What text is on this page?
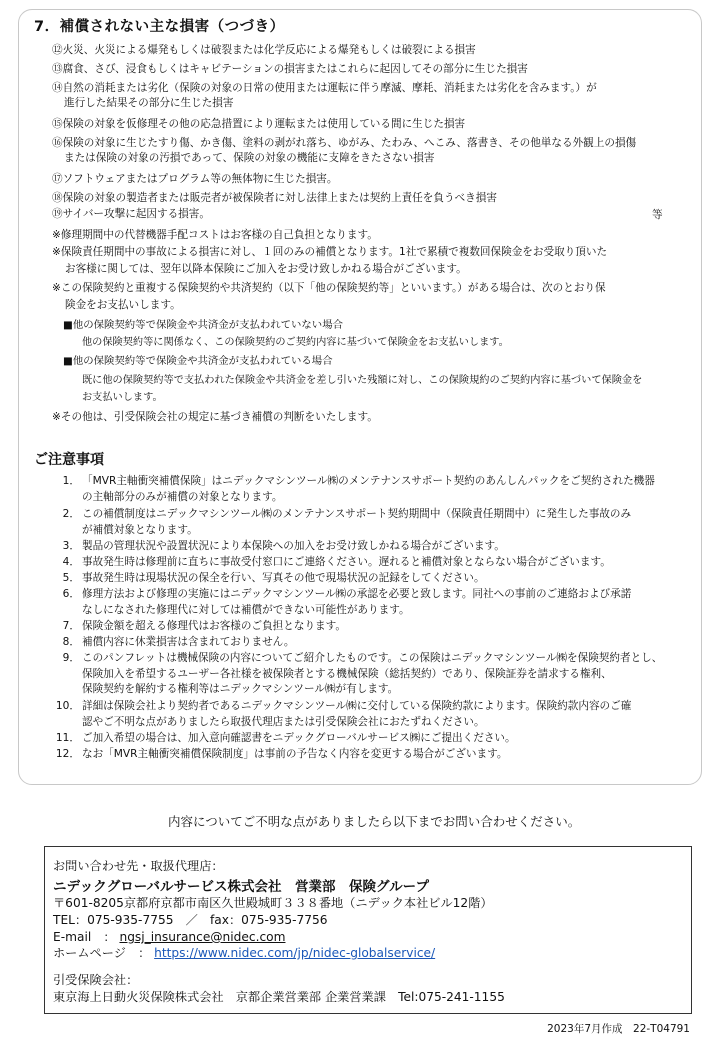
7．補償されない主な損害（つづき）
⑫火災、火災による爆発もしくは破裂または化学反応による爆発もしくは破裂による損害
⑬腐食、さび、浸食もしくはキャビテーションの損害またはこれらに起因してその部分に生じた損害
⑭自然の消耗または劣化（保険の対象の日常の使用または運転に伴う摩滅、摩耗、消耗または劣化を含みます。）が
進行した結果その部分に生じた損害
⑮保険の対象を仮修理その他の応急措置により運転または使用している間に生じた損害
⑯保険の対象に生じたすり傷、かき傷、塗料の剥がれ落ち、ゆがみ、たわみ、へこみ、落書き、その他単なる外観上の損傷
または保険の対象の汚損であって、保険の対象の機能に支障をきたさない損害
⑰ソフトウェアまたはプログラム等の無体物に生じた損害。
⑱保険の対象の製造者または販売者が被保険者に対し法律上または契約上責任を負うべき損害
⑲サイバー攻撃に起因する損害。	等
※修理期間中の代替機器手配コストはお客様の自己負担となります。
※保険責任期間中の事故による損害に対し、１回のみの補償となります。1社で累積で複数回保険金をお受取り頂いた
お客様に関しては、翌年以降本保険にご加入をお受け致しかねる場合がございます。
※この保険契約と重複する保険契約や共済契約（以下「他の保険契約等」といいます。）がある場合は、次のとおり保
険金をお支払いします。
■他の保険契約等で保険金や共済金が支払われていない場合
他の保険契約等に関係なく、この保険契約のご契約内容に基づいて保険金をお支払いします。
■他の保険契約等で保険金や共済金が支払われている場合
既に他の保険契約等で支払われた保険金や共済金を差し引いた残額に対し、この保険規約のご契約内容に基づいて保険金を
お支払いします。
※その他は、引受保険会社の規定に基づき補償の判断をいたします。
ご注意事項
1． 「MVR主軸衝突補償保険」はニデックマシンツール㈱のメンテナンスサポート契約のあんしんパックをご契約された機器
の主軸部分のみが補償の対象となります。
2． この補償制度はニデックマシンツール㈱のメンテナンスサポート契約期間中（保険責任期間中）に発生した事故のみ
が補償対象となります。
3． 製品の管理状況や設置状況により本保険への加入をお受け致しかねる場合がございます。
4． 事故発生時は修理前に直ちに事故受付窓口にご連絡ください。遅れると補償対象とならない場合がございます。
5． 事故発生時は現場状況の保全を行い、写真その他で現場状況の記録をしてください。
6． 修理方法および修理の実施にはニデックマシンツール㈱の承認を必要と致します。同社への事前のご連絡および承諾
なしになされた修理代に対しては補償ができない可能性があります。
7． 保険金額を超える修理代はお客様のご負担となります。
8． 補償内容に休業損害は含まれておりません。
9． このパンフレットは機械保険の内容についてご紹介したものです。この保険はニデックマシンツール㈱を保険契約者とし、
保険加入を希望するユーザー各社様を被保険者とする機械保険（総括契約）であり、保険証券を請求する権利、
保険契約を解約する権利等はニデックマシンツール㈱が有します。
10． 詳細は保険会社より契約者であるニデックマシンツール㈱に交付している保険約款によります。保険約款内容のご確
認やご不明な点がありましたら取扱代理店または引受保険会社におたずねください。
11． ご加入希望の場合は、加入意向確認書をニデックグローバルサービス㈱にご提出ください。
12． なお「MVR主軸衝突補償保険制度」は事前の予告なく内容を変更する場合がございます。
内容についてご不明な点がありましたら以下までお問い合わせください。
お問い合わせ先・取扱代理店：
ニデックグローバルサービス株式会社　営業部　保険グループ
〒601-8205京都府京都市南区久世殿城町３３８番地（ニデック本社ビル12階）
TEL：075-935-7755　／　fax：075-935-7756
E-mail　： ngsj_insurance@nidec.com
ホームページ　： https://www.nidec.com/jp/nidec-globalservice/
引受保険会社：
東京海上日動火災保険株式会社　京都企業営業部 企業営業課　Tel:075-241-1155
2023年7月作成　22-T04791
